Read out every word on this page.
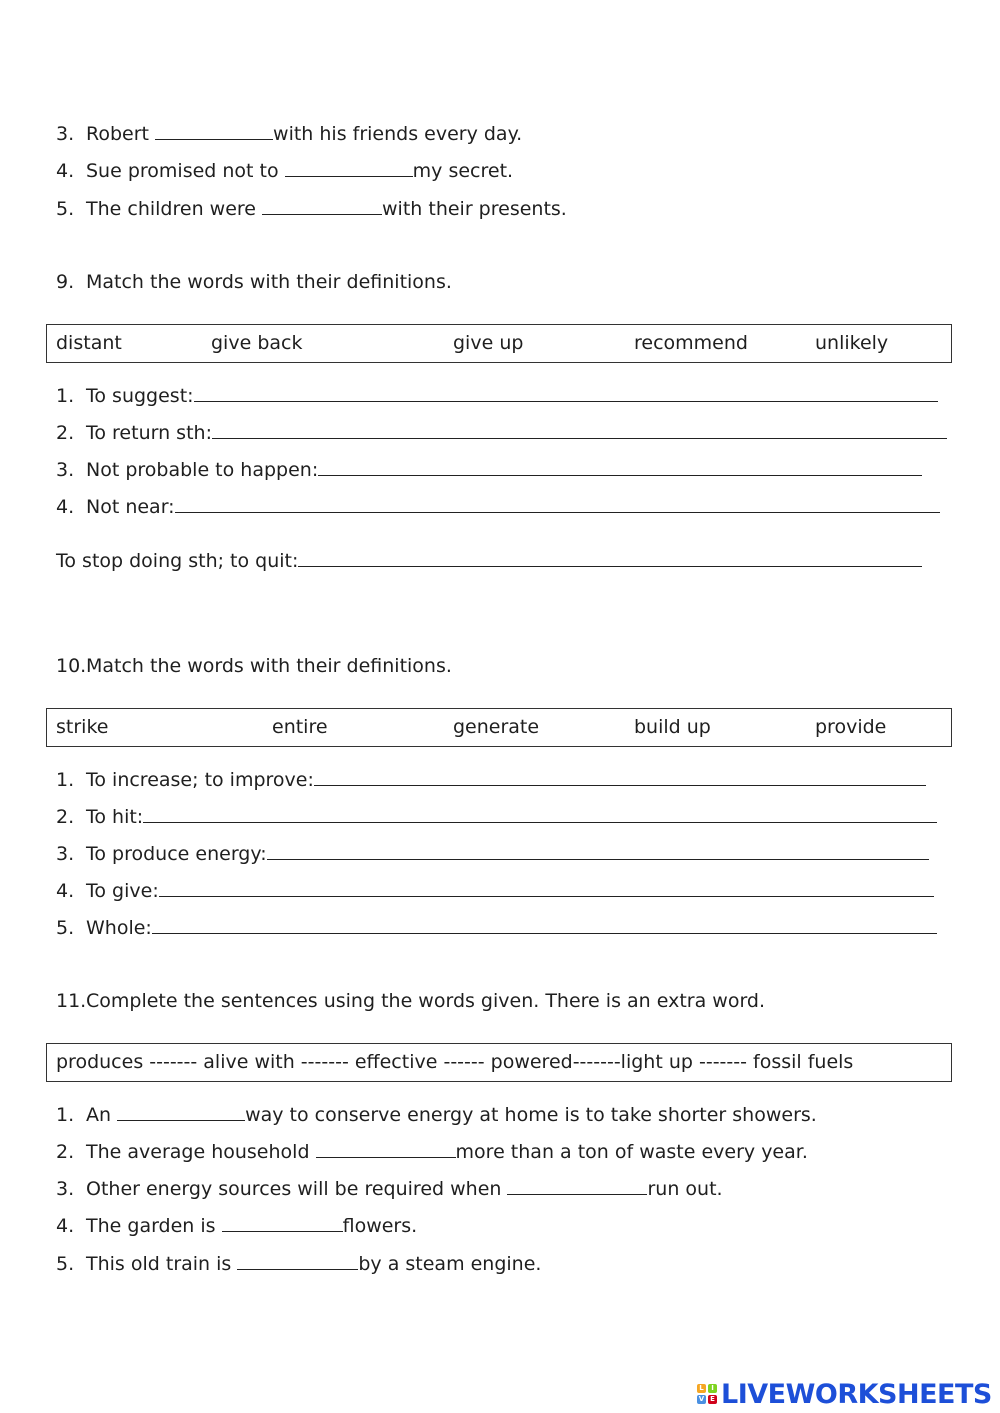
3. Robert	with his friends every day.
4. Sue promised not to	my secret.
5. The children were	with their presents.
9. Match the words with their definitions.
distant	give back	give up	recommend	unlikely
1. To suggest:
2. To return sth:
3. Not probable to happen:
4. Not near:
To stop doing sth; to quit:
10.Match the words with their definitions.
strike	entire	generate	build up	provide
1. To increase; to improve:
2. To hit:
3. To produce energy:
4. To give:
5. Whole:
11.Complete the sentences using the words given. There is an extra word.
produces ------- alive with ------- effective ------ powered-------light up ------- fossil fuels
1. An	way to conserve energy at home is to take shorter showers.
2. The average household	more than a ton of waste every year.
3. Other energy sources will be required when	run out.
4. The garden is	flowers.
5. This old train is	by a steam engine.
L	I
V E LIVEWORKSHEETS
